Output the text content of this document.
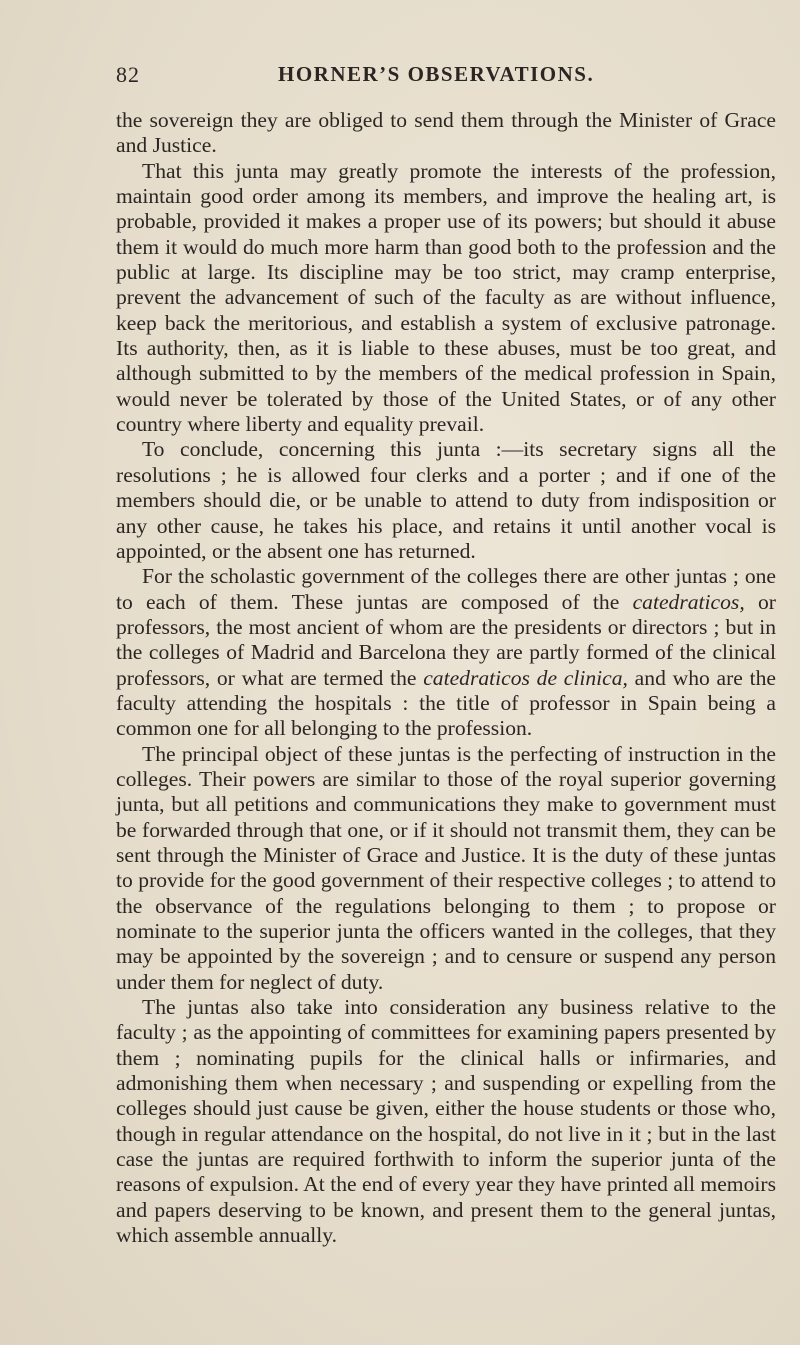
82	HORNER’S OBSERVATIONS.

the sovereign they are obliged to send them through the Minister of Grace and Justice.

That this junta may greatly promote the interests of the profession, maintain good order among its members, and improve the healing art, is probable, provided it makes a proper use of its powers; but should it abuse them it would do much more harm than good both to the profession and the public at large. Its discipline may be too strict, may cramp enterprise, prevent the advancement of such of the faculty as are without influence, keep back the meritorious, and establish a system of exclusive patronage. Its authority, then, as it is liable to these abuses, must be too great, and although submitted to by the members of the medical profession in Spain, would never be tolerated by those of the United States, or of any other country where liberty and equality prevail.

To conclude, concerning this junta :—its secretary signs all the resolutions ; he is allowed four clerks and a porter ; and if one of the members should die, or be unable to attend to duty from indisposition or any other cause, he takes his place, and retains it until another vocal is appointed, or the absent one has returned.

For the scholastic government of the colleges there are other juntas ; one to each of them. These juntas are composed of the catedraticos, or professors, the most ancient of whom are the presidents or directors ; but in the colleges of Madrid and Barcelona they are partly formed of the clinical professors, or what are termed the catedraticos de clinica, and who are the faculty attending the hospitals : the title of professor in Spain being a common one for all belonging to the profession.

The principal object of these juntas is the perfecting of instruction in the colleges. Their powers are similar to those of the royal superior governing junta, but all petitions and communications they make to government must be forwarded through that one, or if it should not transmit them, they can be sent through the Minister of Grace and Justice. It is the duty of these juntas to provide for the good government of their respective colleges ; to attend to the observance of the regulations belonging to them ; to propose or nominate to the superior junta the officers wanted in the colleges, that they may be appointed by the sovereign ; and to censure or suspend any person under them for neglect of duty.

The juntas also take into consideration any business relative to the faculty ; as the appointing of committees for examining papers presented by them ; nominating pupils for the clinical halls or infirmaries, and admonishing them when necessary ; and suspending or expelling from the colleges should just cause be given, either the house students or those who, though in regular attendance on the hospital, do not live in it ; but in the last case the juntas are required forthwith to inform the superior junta of the reasons of expulsion. At the end of every year they have printed all memoirs and papers deserving to be known, and present them to the general juntas, which assemble annually.
